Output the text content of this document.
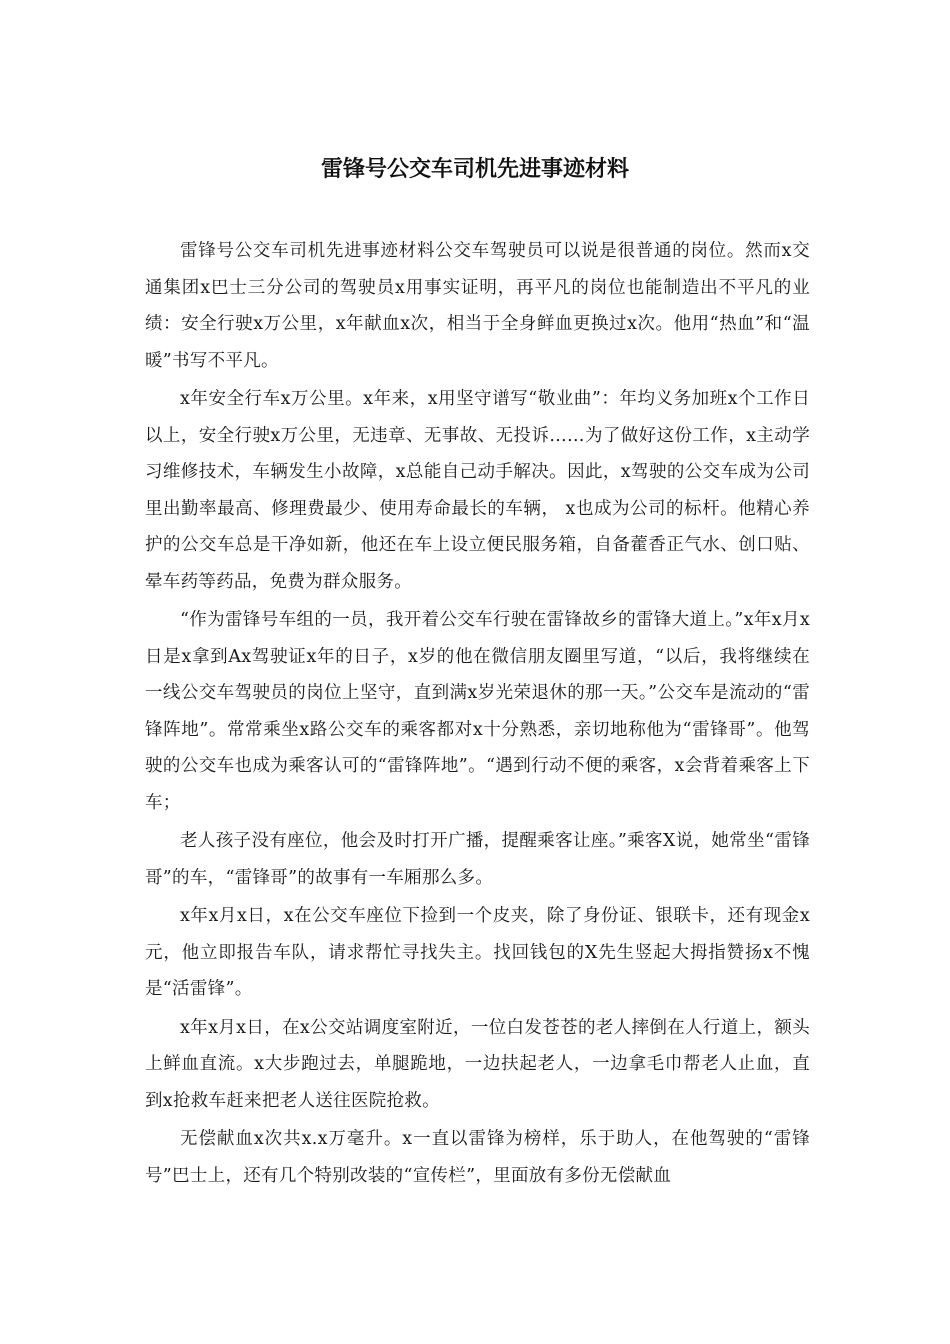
雷锋号公交车司机先进事迹材料

雷锋号公交车司机先进事迹材料公交车驾驶员可以说是很普通的岗位。然而x交通集团x巴士三分公司的驾驶员x用事实证明，再平凡的岗位也能制造出不平凡的业绩：安全行驶x万公里，x年献血x次，相当于全身鲜血更换过x次。他用“热血”和“温暖”书写不平凡。

x年安全行车x万公里。x年来，x用坚守谱写“敬业曲”：年均义务加班x个工作日以上，安全行驶x万公里，无违章、无事故、无投诉……为了做好这份工作，x主动学习维修技术，车辆发生小故障，x总能自己动手解决。因此，x驾驶的公交车成为公司里出勤率最高、修理费最少、使用寿命最长的车辆， x也成为公司的标杆。他精心养护的公交车总是干净如新，他还在车上设立便民服务箱，自备藿香正气水、创口贴、晕车药等药品，免费为群众服务。

“作为雷锋号车组的一员，我开着公交车行驶在雷锋故乡的雷锋大道上。”x年x月x日是x拿到Ax驾驶证x年的日子，x岁的他在微信朋友圈里写道，“以后，我将继续在一线公交车驾驶员的岗位上坚守，直到满x岁光荣退休的那一天。”公交车是流动的“雷锋阵地”。常常乘坐x路公交车的乘客都对x十分熟悉，亲切地称他为“雷锋哥”。他驾驶的公交车也成为乘客认可的“雷锋阵地”。“遇到行动不便的乘客，x会背着乘客上下车；

老人孩子没有座位，他会及时打开广播，提醒乘客让座。”乘客X说，她常坐“雷锋哥”的车，“雷锋哥”的故事有一车厢那么多。

x年x月x日，x在公交车座位下捡到一个皮夹，除了身份证、银联卡，还有现金x元，他立即报告车队，请求帮忙寻找失主。找回钱包的X先生竖起大拇指赞扬x不愧是“活雷锋”。

x年x月x日，在x公交站调度室附近，一位白发苍苍的老人摔倒在人行道上，额头上鲜血直流。x大步跑过去，单腿跪地，一边扶起老人，一边拿毛巾帮老人止血，直到x抢救车赶来把老人送往医院抢救。

无偿献血x次共x.x万毫升。x一直以雷锋为榜样，乐于助人，在他驾驶的“雷锋号”巴士上，还有几个特别改装的“宣传栏”，里面放有多份无偿献血
